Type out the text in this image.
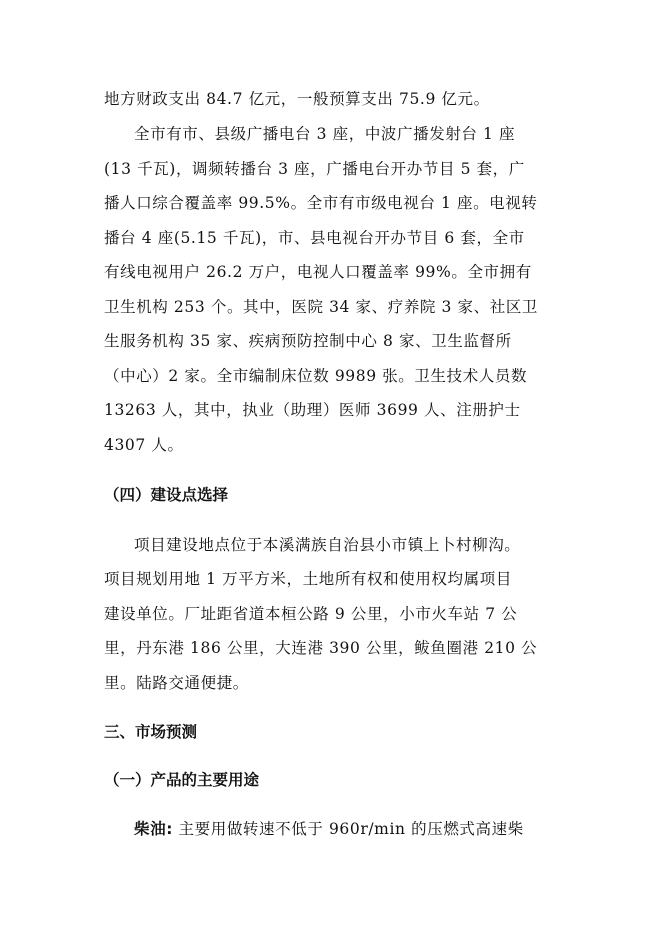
地方财政支出 84.7 亿元，一般预算支出 75.9 亿元。
全市有市、县级广播电台 3 座，中波广播发射台 1 座
(13 千瓦)，调频转播台 3 座，广播电台开办节目 5 套，广
播人口综合覆盖率 99.5%。全市有市级电视台 1 座。电视转
播台 4 座(5.15 千瓦)，市、县电视台开办节目 6 套，全市
有线电视用户 26.2 万户，电视人口覆盖率 99%。全市拥有
卫生机构 253 个。其中，医院 34 家、疗养院 3 家、社区卫
生服务机构 35 家、疾病预防控制中心 8 家、卫生监督所
（中心）2 家。全市编制床位数 9989 张。卫生技术人员数
13263 人，其中，执业（助理）医师 3699 人、注册护士
4307 人。
（四）建设点选择
项目建设地点位于本溪满族自治县小市镇上卜村柳沟。
项目规划用地 1 万平方米，土地所有权和使用权均属项目
建设单位。厂址距省道本桓公路 9 公里，小市火车站 7 公
里，丹东港 186 公里，大连港 390 公里，鲅鱼圈港 210 公
里。陆路交通便捷。
三、市场预测
（一）产品的主要用途
柴油: 主要用做转速不低于 960r/min 的压燃式高速柴
